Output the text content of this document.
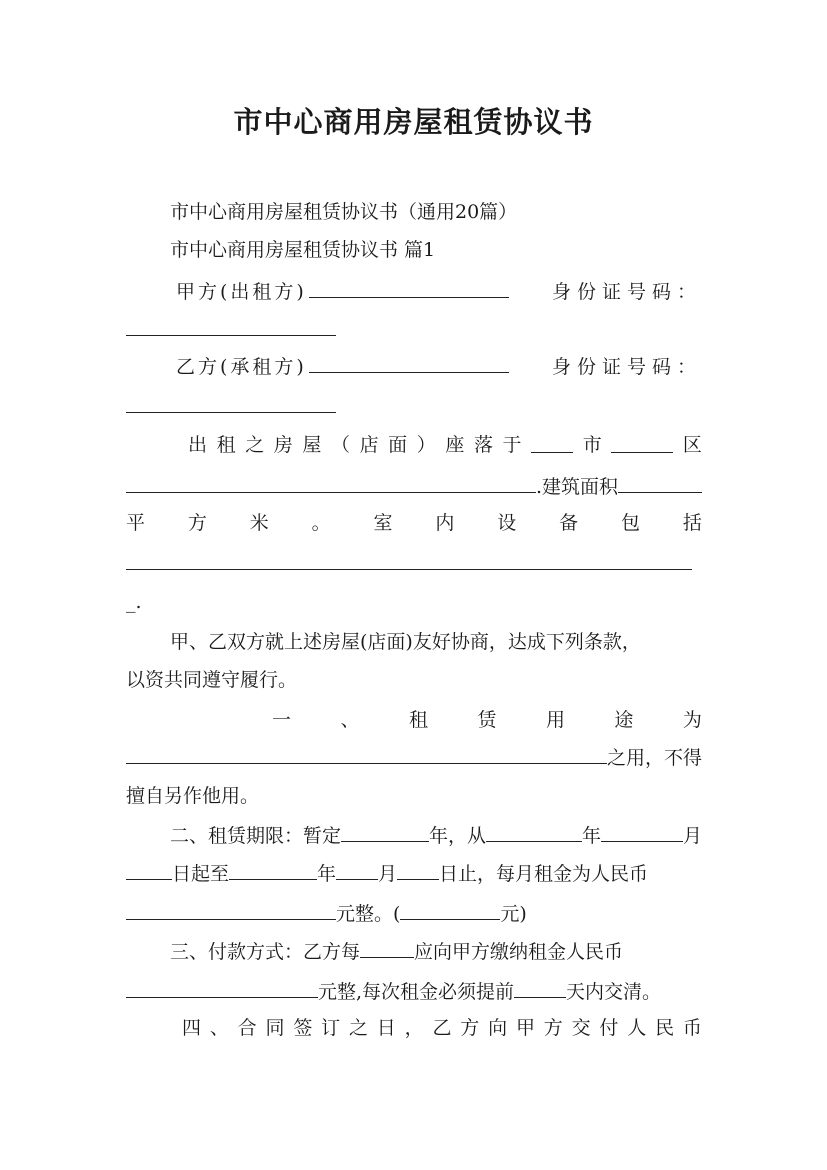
市中心商用房屋租赁协议书
市中心商用房屋租赁协议书（通用20篇）
市中心商用房屋租赁协议书 篇1
甲方(出租方)	身份证号码：
乙方(承租方)	身份证号码：
出 租 之 房 屋 （ 店 面 ） 座 落 于	市	区
.建筑面积
平 方 米 。 室 内 设 备 包 括
_.
甲、乙双方就上述房屋(店面)友好协商，达成下列条款，
以资共同遵守履行。
一	、	租	赁	用	途	为
之用，不得
擅自另作他用。
二、租赁期限：暂定	年，从	年	月
日起至	年 月 日止，每月租金为人民币
元整。(	元)
三、付款方式：乙方每	应向甲方缴纳租金人民币
元整,每次租金必须提前	天内交清。
四 、 合 同 签 订 之 日 ， 乙 方 向 甲 方 交 付 人 民 币
